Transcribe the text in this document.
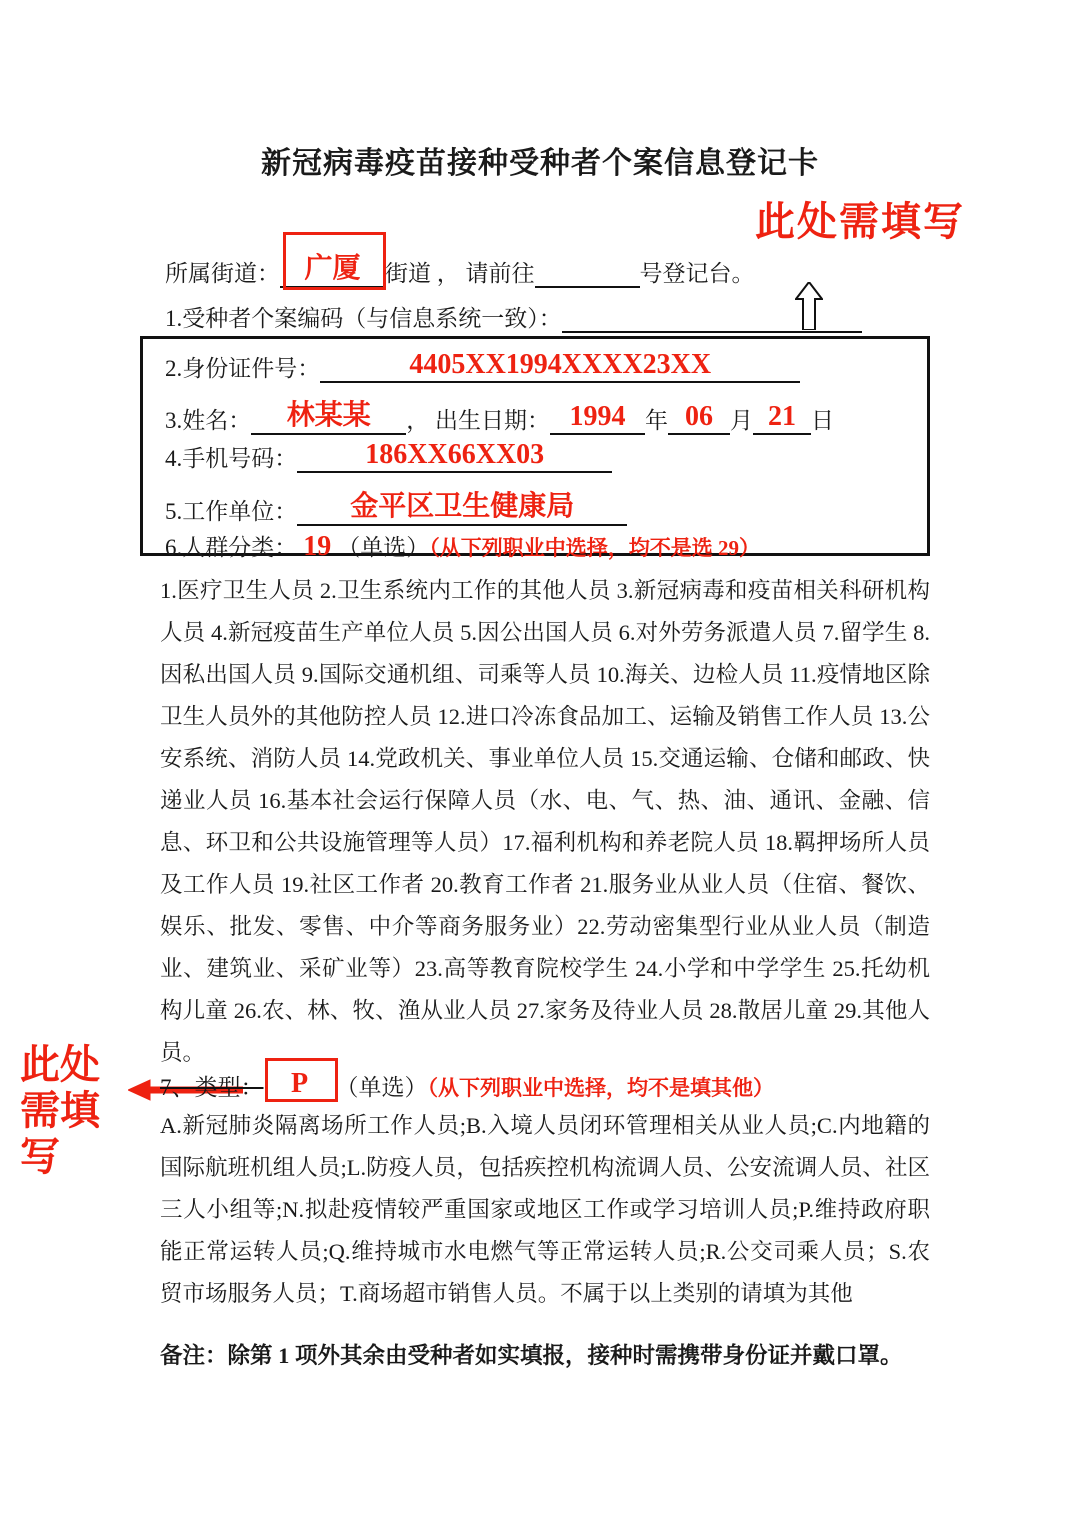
新冠病毒疫苗接种受种者个案信息登记卡
此处需填写
此处
需填
写
所属街道： 广厦 街道 ， 请前往	号登记台。
1.受种者个案编码（与信息系统一致）：
2.身份证件号：	4405XX1994XXXX23XX
3.姓名： 林某某 ， 出生日期： 1994 年 06 月 21 日
4.手机号码： 186XX66XX03
5.工作单位： 金平区卫生健康局
6.人群分类： 19 （单选）（从下列职业中选择，均不是选 29）
1.医疗卫生人员 2.卫生系统内工作的其他人员 3.新冠病毒和疫苗相关科研机构人员 4.新冠疫苗生产单位人员 5.因公出国人员 6.对外劳务派遣人员 7.留学生 8.因私出国人员 9.国际交通机组、司乘等人员 10.海关、边检人员 11.疫情地区除卫生人员外的其他防控人员 12.进口冷冻食品加工、运输及销售工作人员 13.公安系统、消防人员 14.党政机关、事业单位人员 15.交通运输、仓储和邮政、快递业人员 16.基本社会运行保障人员（水、电、气、热、油、通讯、金融、信息、环卫和公共设施管理等人员）17.福利机构和养老院人员 18.羁押场所人员及工作人员 19.社区工作者 20.教育工作者 21.服务业从业人员（住宿、餐饮、娱乐、批发、零售、中介等商务服务业）22.劳动密集型行业从业人员（制造业、建筑业、采矿业等）23.高等教育院校学生 24.小学和中学学生 25.托幼机构儿童 26.农、林、牧、渔从业人员 27.家务及待业人员 28.散居儿童 29.其他人员。
7、类型： P （单选）（从下列职业中选择，均不是填其他）
A.新冠肺炎隔离场所工作人员;B.入境人员闭环管理相关从业人员;C.内地籍的国际航班机组人员;L.防疫人员，包括疾控机构流调人员、公安流调人员、社区三人小组等;N.拟赴疫情较严重国家或地区工作或学习培训人员;P.维持政府职能正常运转人员;Q.维持城市水电燃气等正常运转人员;R.公交司乘人员；S.农贸市场服务人员；T.商场超市销售人员。不属于以上类别的请填为其他
备注：除第 1 项外其余由受种者如实填报，接种时需携带身份证并戴口罩。
